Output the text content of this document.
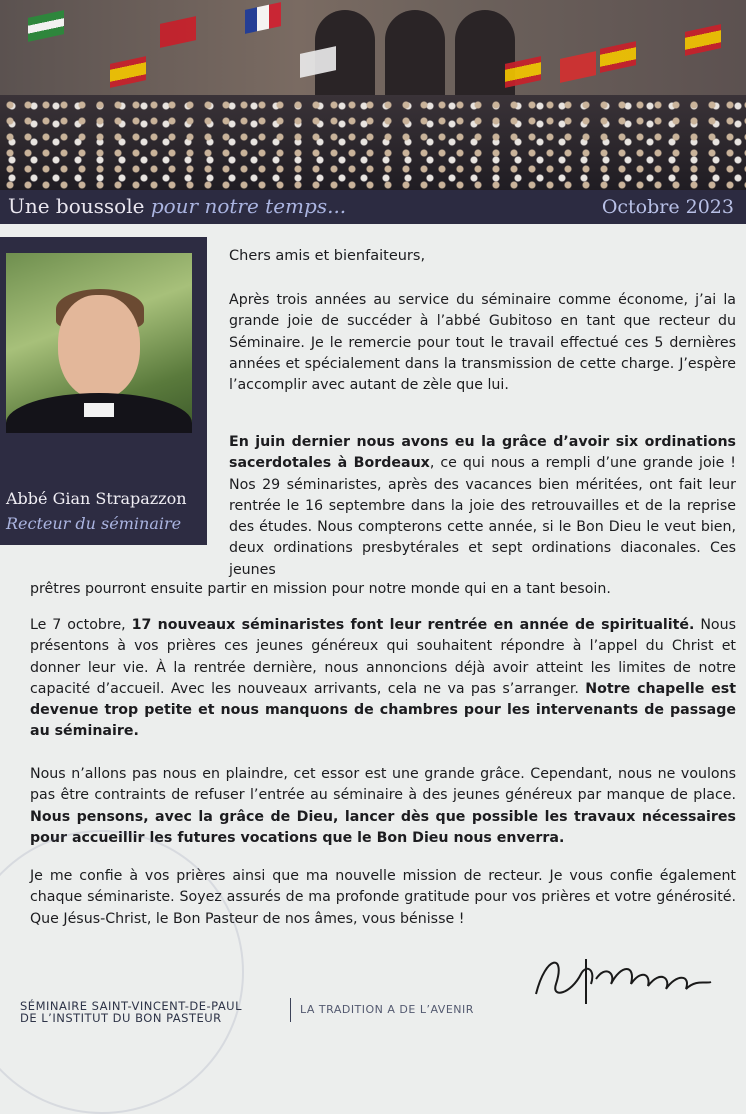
Une boussole pour notre temps...	Octobre 2023
Abbé Gian Strapazzon
Recteur du séminaire
Chers amis et bienfaiteurs,
Après trois années au service du séminaire comme économe, j’ai la grande joie de succéder à l’abbé Gubitoso en tant que recteur du Séminaire. Je le remercie pour tout le travail effectué ces 5 dernières années et spécialement dans la transmission de cette charge. J’espère l’accomplir avec autant de zèle que lui.
En juin dernier nous avons eu la grâce d’avoir six ordinations sacerdotales à Bordeaux, ce qui nous a rempli d’une grande joie ! Nos 29 séminaristes, après des vacances bien méritées, ont fait leur rentrée le 16 septembre dans la joie des retrouvailles et de la reprise des études. Nous compterons cette année, si le Bon Dieu le veut bien, deux ordinations presbytérales et sept ordinations diaconales. Ces jeunes
prêtres pourront ensuite partir en mission pour notre monde qui en a tant besoin.
Le 7 octobre, 17 nouveaux séminaristes font leur rentrée en année de spiritualité. Nous présentons à vos prières ces jeunes généreux qui souhaitent répondre à l’appel du Christ et donner leur vie. À la rentrée dernière, nous annoncions déjà avoir atteint les limites de notre capacité d’accueil. Avec les nouveaux arrivants, cela ne va pas s’arranger. Notre chapelle est devenue trop petite et nous manquons de chambres pour les intervenants de passage au séminaire.
Nous n’allons pas nous en plaindre, cet essor est une grande grâce. Cependant, nous ne voulons pas être contraints de refuser l’entrée au séminaire à des jeunes généreux par manque de place. Nous pensons, avec la grâce de Dieu, lancer dès que possible les travaux nécessaires pour accueillir les futures vocations que le Bon Dieu nous enverra.
Je me confie à vos prières ainsi que ma nouvelle mission de recteur. Je vous confie également chaque séminariste. Soyez assurés de ma profonde gratitude pour vos prières et votre générosité. Que Jésus-Christ, le Bon Pasteur de nos âmes, vous bénisse !
SÉMINAIRE SAINT-VINCENT-DE-PAUL
DE L’INSTITUT DU BON PASTEUR
LA TRADITION A DE L’AVENIR
